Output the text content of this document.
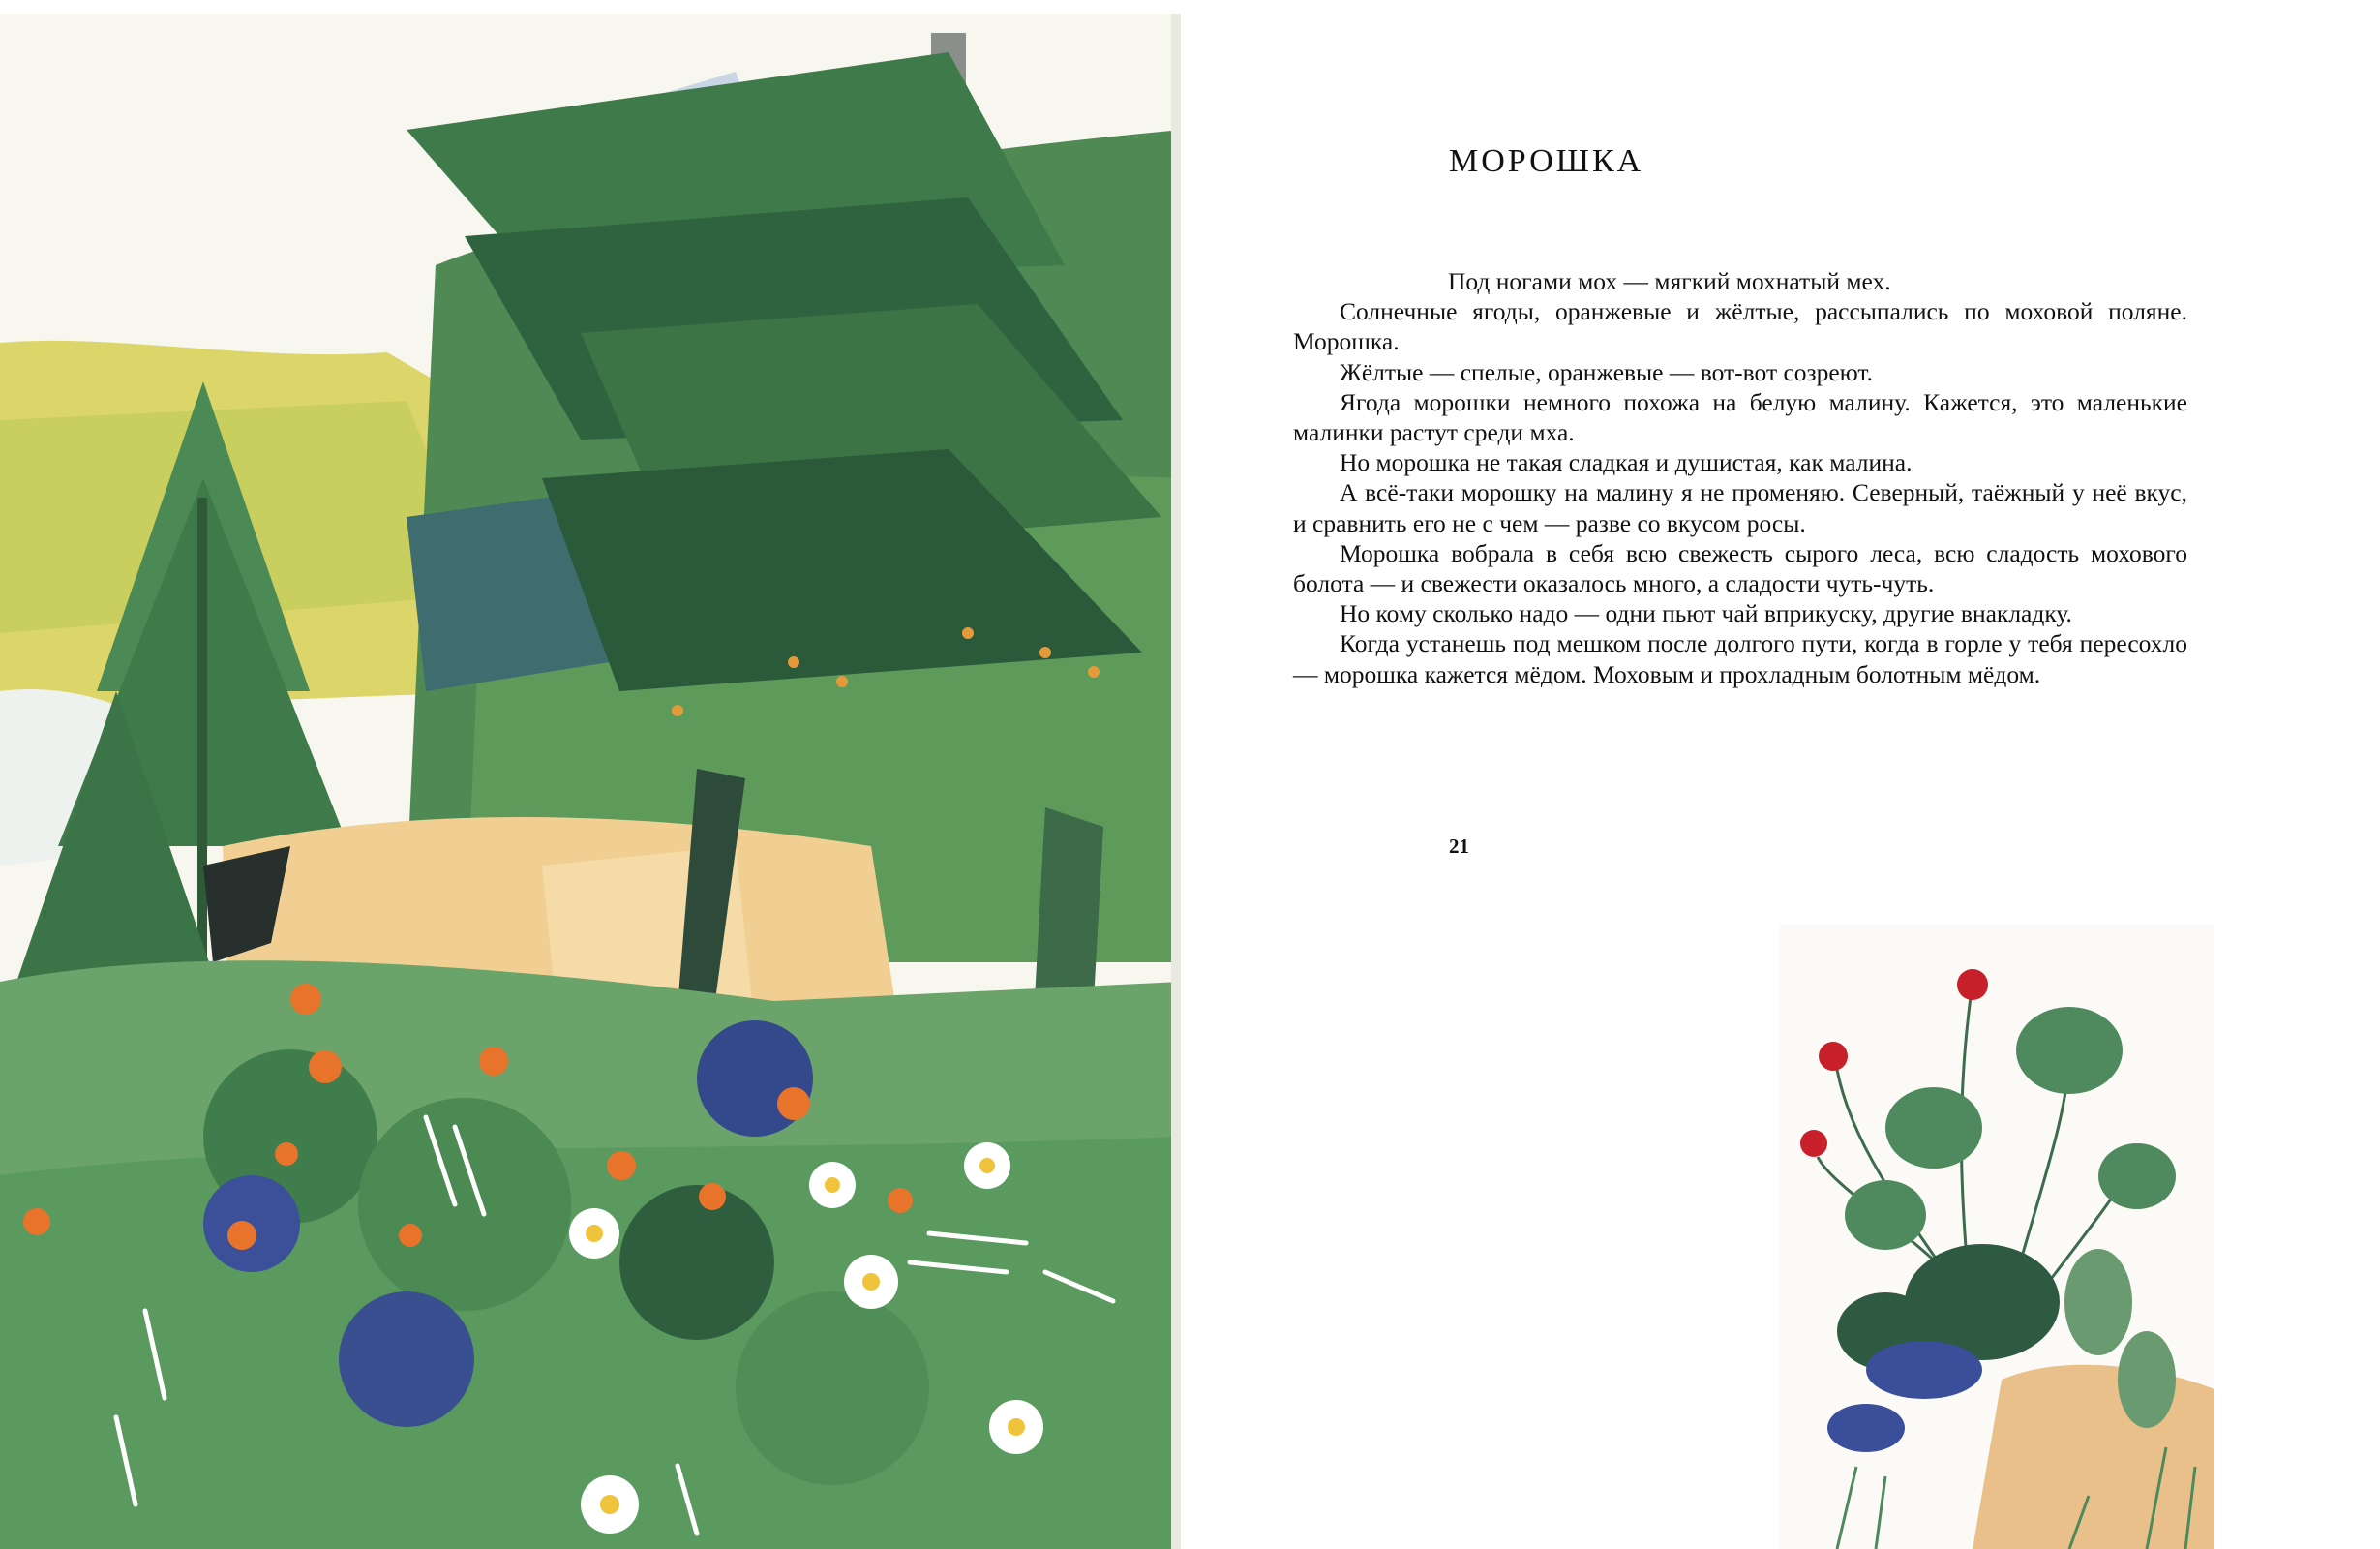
МОРОШКА

Под ногами мох — мягкий мохнатый мех.

Солнечные ягоды, оранжевые и жёлтые, рассыпались по моховой поляне. Морошка.

Жёлтые — спелые, оранжевые — вот-вот созреют.

Ягода морошки немного похожа на белую малину. Кажется, это маленькие малинки растут среди мха.

Но морошка не такая сладкая и душистая, как малина.

А всё-таки морошку на малину я не променяю. Северный, таёжный у неё вкус, и сравнить его не с чем — разве со вкусом росы.

Морошка вобрала в себя всю свежесть сырого леса, всю сладость мохового болота — и свежести оказалось много, а сладости чуть-чуть.

Но кому сколько надо — одни пьют чай вприкуску, другие внакладку.

Когда устанешь под мешком после долгого пути, когда в горле у тебя пересохло — морошка кажется мёдом. Моховым и прохладным болотным мёдом.

21
